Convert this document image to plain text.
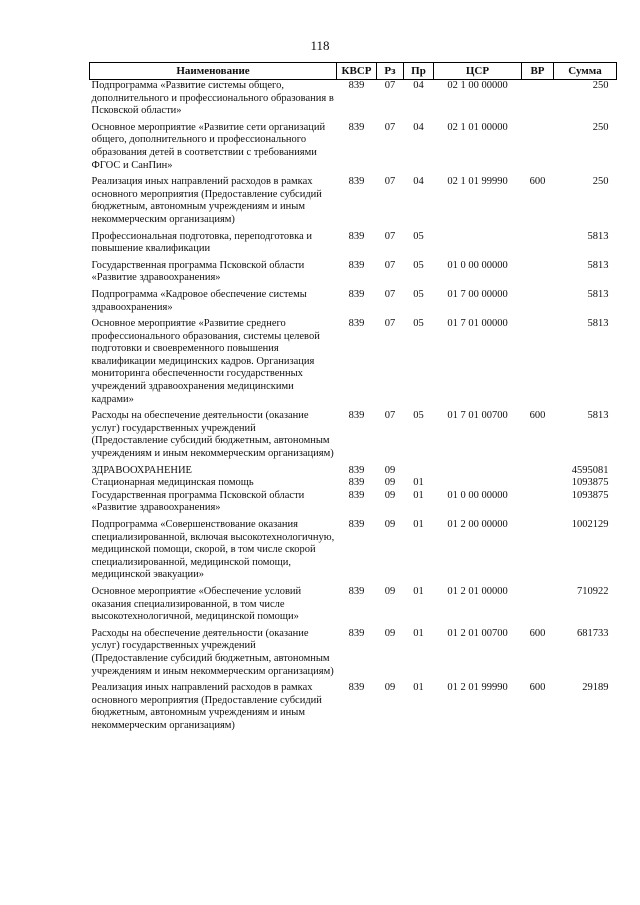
118
Наименование	КВСР	Рз	Пр	ЦСР	ВР	Сумма
Подпрограмма «Развитие системы общего, дополнительного и профессионального образования в Псковской области»	839	07	04	02 1 00 00000		250
Основное мероприятие «Развитие сети организаций общего, дополнительного и профессионального образования детей в соответствии с требованиями ФГОС и СанПин»	839	07	04	02 1 01 00000		250
Реализация иных направлений расходов в рамках основного мероприятия (Предоставление субсидий бюджетным, автономным учреждениям и иным некоммерческим организациям)	839	07	04	02 1 01 99990	600	250
Профессиональная подготовка, переподготовка и повышение квалификации	839	07	05			5813
Государственная программа Псковской области «Развитие здравоохранения»	839	07	05	01 0 00 00000		5813
Подпрограмма «Кадровое обеспечение системы здравоохранения»	839	07	05	01 7 00 00000		5813
Основное мероприятие «Развитие среднего профессионального образования, системы целевой подготовки и своевременного повышения квалификации медицинских кадров. Организация мониторинга обеспеченности государственных учреждений здравоохранения медицинскими кадрами»	839	07	05	01 7 01 00000		5813
Расходы на обеспечение деятельности (оказание услуг) государственных учреждений (Предоставление субсидий бюджетным, автономным учреждениям и иным некоммерческим организациям)	839	07	05	01 7 01 00700	600	5813
ЗДРАВООХРАНЕНИЕ	839	09				4595081
Стационарная медицинская помощь	839	09	01			1093875
Государственная программа Псковской области «Развитие здравоохранения»	839	09	01	01 0 00 00000		1093875
Подпрограмма «Совершенствование оказания специализированной, включая высокотехнологичную, медицинской помощи, скорой, в том числе скорой специализированной, медицинской помощи, медицинской эвакуации»	839	09	01	01 2 00 00000		1002129
Основное мероприятие «Обеспечение условий оказания специализированной, в том числе высокотехнологичной, медицинской помощи»	839	09	01	01 2 01 00000		710922
Расходы на обеспечение деятельности (оказание услуг) государственных учреждений (Предоставление субсидий бюджетным, автономным учреждениям и иным некоммерческим организациям)	839	09	01	01 2 01 00700	600	681733
Реализация иных направлений расходов в рамках основного мероприятия (Предоставление субсидий бюджетным, автономным учреждениям и иным некоммерческим организациям)	839	09	01	01 2 01 99990	600	29189
